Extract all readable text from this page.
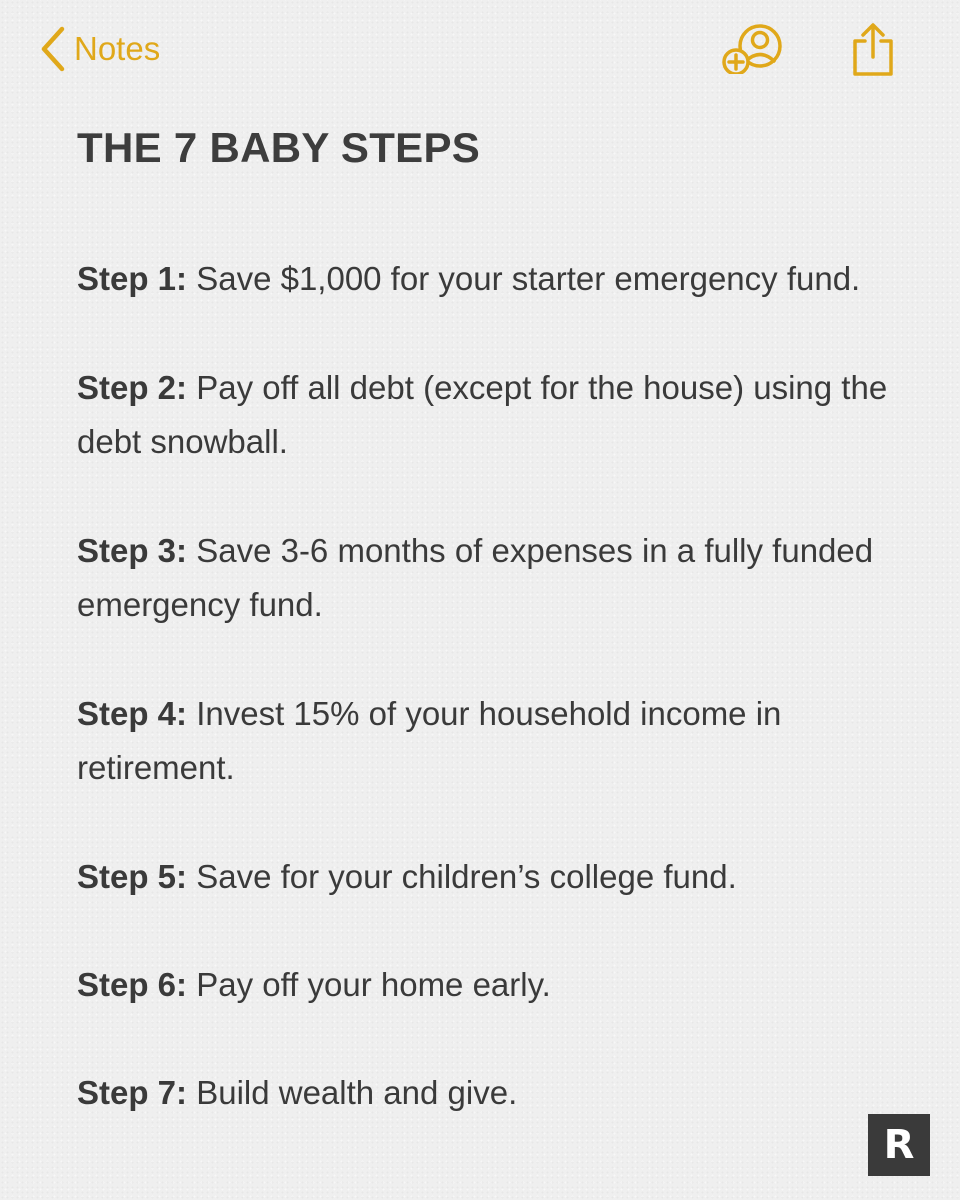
Notes
THE 7 BABY STEPS
Step 1: Save $1,000 for your starter emergency fund.
Step 2: Pay off all debt (except for the house) using the debt snowball.
Step 3: Save 3-6 months of expenses in a fully funded emergency fund.
Step 4: Invest 15% of your household income in retirement.
Step 5: Save for your children’s college fund.
Step 6: Pay off your home early.
Step 7: Build wealth and give.
R
